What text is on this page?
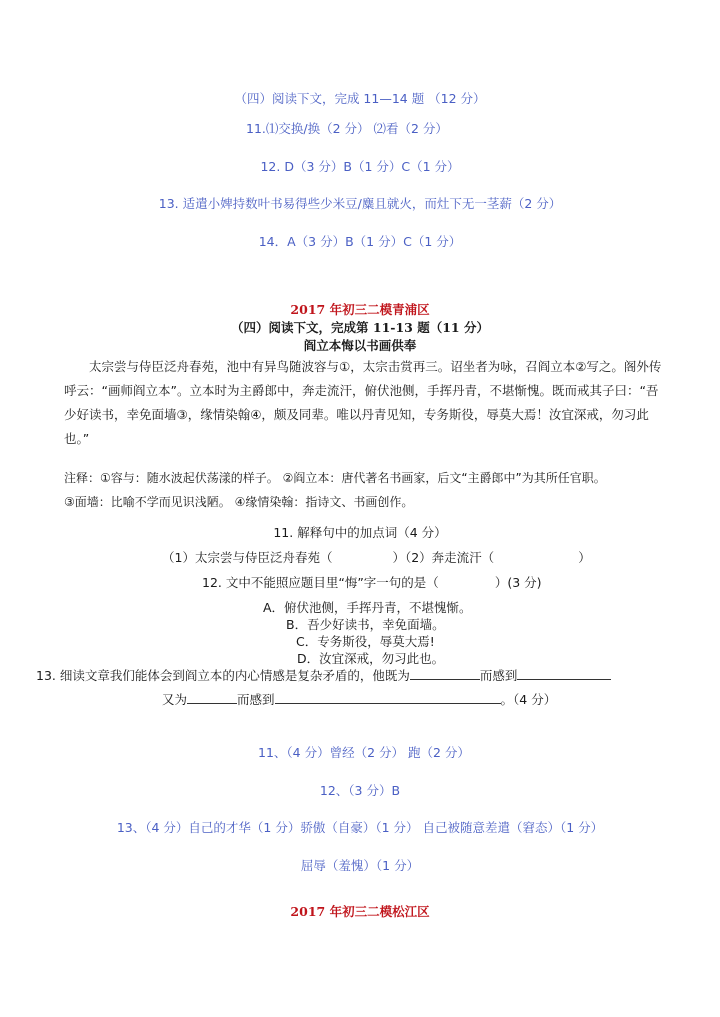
（四）阅读下文，完成 11—14 题 （12 分）
11.⑴交换/换（2 分） ⑵看（2 分）
12. D（3 分）B（1 分）C（1 分）
13. 适遣小婢持数叶书易得些少米豆/麋且就火，而灶下无一茎薪（2 分）
14．A（3 分）B（1 分）C（1 分）
2017 年初三二模青浦区
（四）阅读下文，完成第 11-13 题（11 分）
阎立本悔以书画供奉

太宗尝与侍臣泛舟春苑，池中有异鸟随波容与①，太宗击赏再三。诏坐者为咏，召阎立本②写之。阁外传呼云：“画师阎立本”。立本时为主爵郎中，奔走流汗，俯伏池侧，手挥丹青，不堪惭愧。既而戒其子曰：“吾少好读书，幸免面墙③，缘情染翰④，颇及同辈。唯以丹青见知，专务斯役，辱莫大焉！汝宜深戒，勿习此也。”

注释：①容与：随水波起伏荡漾的样子。 ②阎立本：唐代著名书画家，后文“主爵郎中”为其所任官职。
③面墙：比喻不学而见识浅陋。 ④缘情染翰：指诗文、书画创作。
11. 解释句中的加点词（4 分）
（1）太宗尝与侍臣泛舟春苑（	）（2）奔走流汗（	）
12. 文中不能照应题目里“悔”字一句的是（	）(3 分)
A．俯伏池侧，手挥丹青，不堪愧惭。
B．吾少好读书，幸免面墙。
C．专务斯役，辱莫大焉!
D．汝宜深戒，勿习此也。
13. 细读文章我们能体会到阎立本的内心情感是复杂矛盾的，他既为	而感到
又为	而感到	。（4 分）
11、（4 分）曾经（2 分） 跑（2 分）
12、（3 分）B
13、（4 分）自己的才华（1 分）骄傲（自豪）（1 分） 自己被随意差遣（窘态）（1 分）
屈辱（羞愧）（1 分）
2017 年初三二模松江区
